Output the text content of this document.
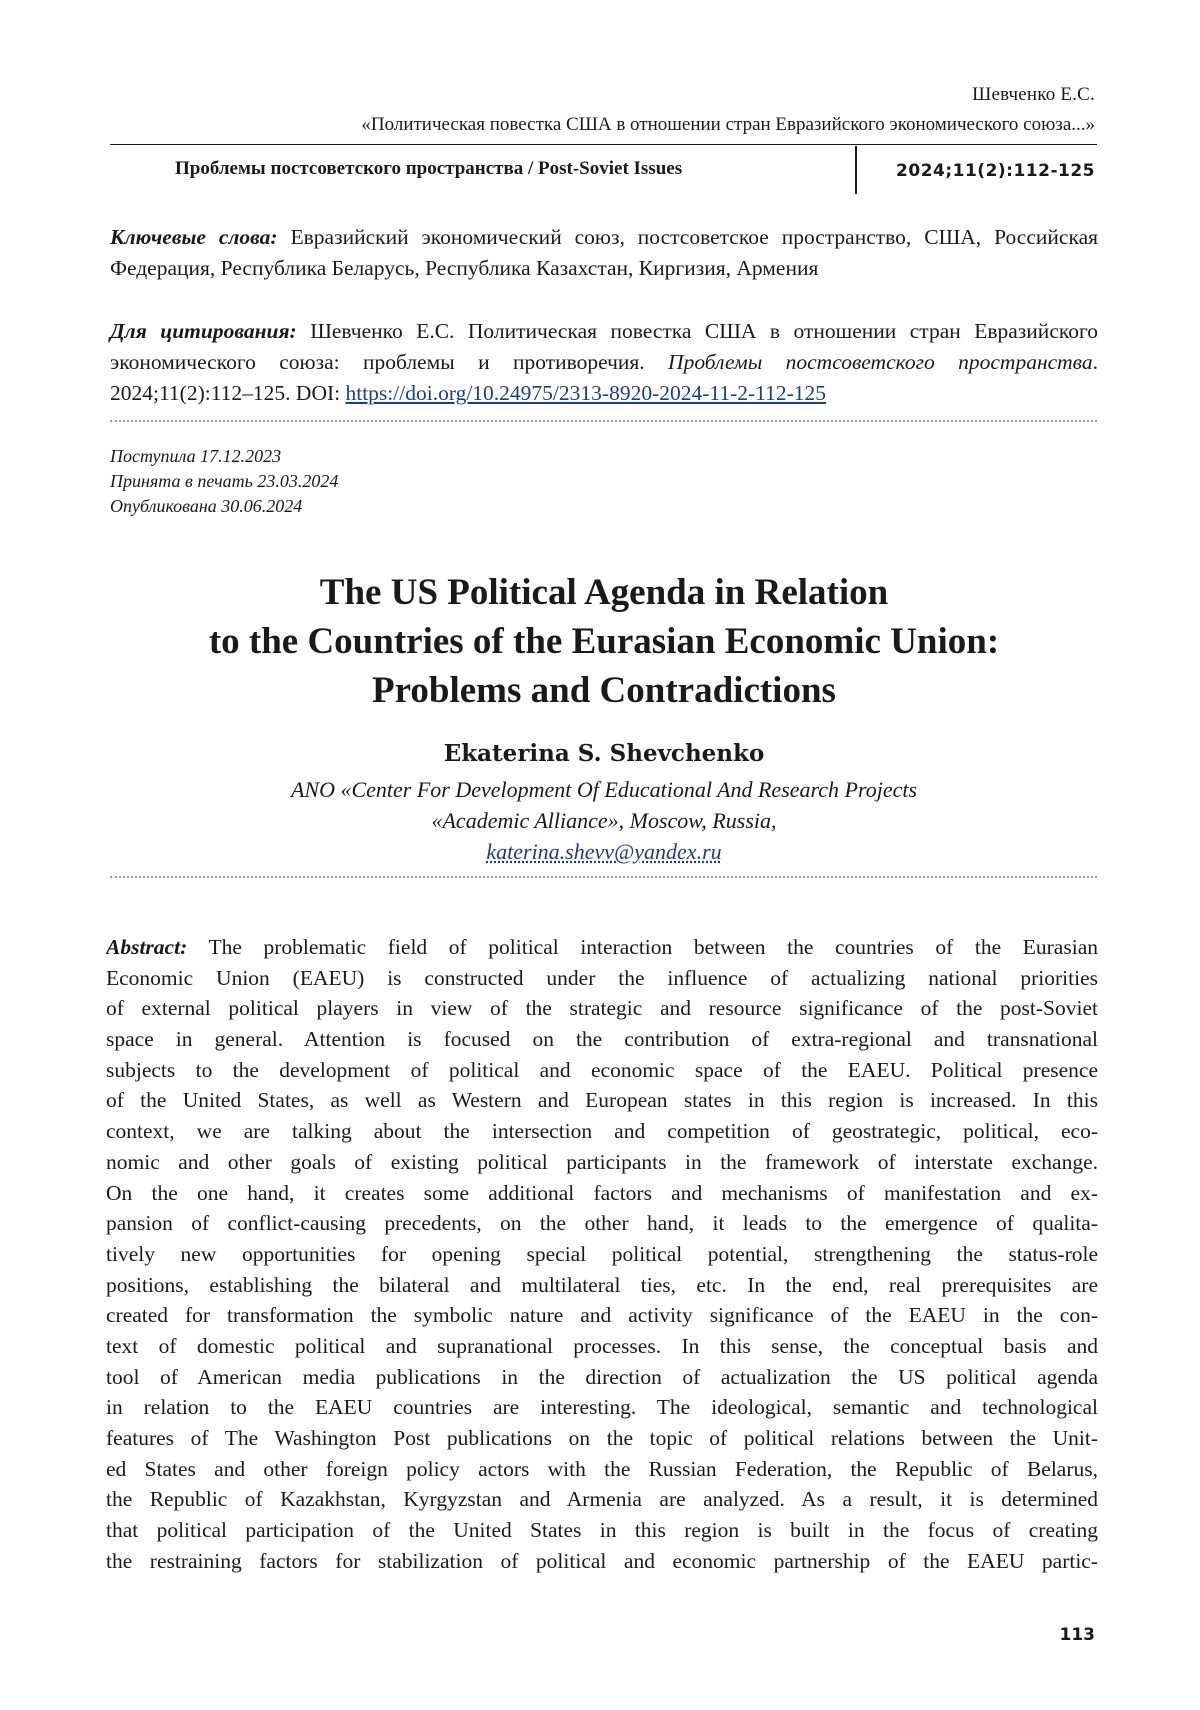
Шевченко Е.С.
«Политическая повестка США в отношении стран Евразийского экономического союза...»
Проблемы постсоветского пространства / Post-Soviet Issues	2024;11(2):112-125
Ключевые слова: Евразийский экономический союз, постсоветское пространство, США, Российская Федерация, Республика Беларусь, Республика Казахстан, Киргизия, Армения
Для цитирования: Шевченко Е.С. Политическая повестка США в отношении стран Евразийского экономического союза: проблемы и противоречия. Проблемы постсоветского пространства. 2024;11(2):112–125. DOI: https://doi.org/10.24975/2313-8920-2024-11-2-112-125
Поступила 17.12.2023
Принята в печать 23.03.2024
Опубликована 30.06.2024
The US Political Agenda in Relation
to the Countries of the Eurasian Economic Union:
Problems and Contradictions
Ekaterina S. Shevchenko
ANO «Center For Development Of Educational And Research Projects
«Academic Alliance», Moscow, Russia,
katerina.shevv@yandex.ru
Abstract: The problematic field of political interaction between the countries of the Eurasian
Economic Union (EAEU) is constructed under the influence of actualizing national priorities
of external political players in view of the strategic and resource significance of the post-Soviet
space in general. Attention is focused on the contribution of extra-regional and transnational
subjects to the development of political and economic space of the EAEU. Political presence
of the United States, as well as Western and European states in this region is increased. In this
context, we are talking about the intersection and competition of geostrategic, political, eco-
nomic and other goals of existing political participants in the framework of interstate exchange.
On the one hand, it creates some additional factors and mechanisms of manifestation and ex-
pansion of conflict-causing precedents, on the other hand, it leads to the emergence of qualita-
tively new opportunities for opening special political potential, strengthening the status-role
positions, establishing the bilateral and multilateral ties, etc. In the end, real prerequisites are
created for transformation the symbolic nature and activity significance of the EAEU in the con-
text of domestic political and supranational processes. In this sense, the conceptual basis and
tool of American media publications in the direction of actualization the US political agenda
in relation to the EAEU countries are interesting. The ideological, semantic and technological
features of The Washington Post publications on the topic of political relations between the Unit-
ed States and other foreign policy actors with the Russian Federation, the Republic of Belarus,
the Republic of Kazakhstan, Kyrgyzstan and Armenia are analyzed. As a result, it is determined
that political participation of the United States in this region is built in the focus of creating
the restraining factors for stabilization of political and economic partnership of the EAEU partic-
113
